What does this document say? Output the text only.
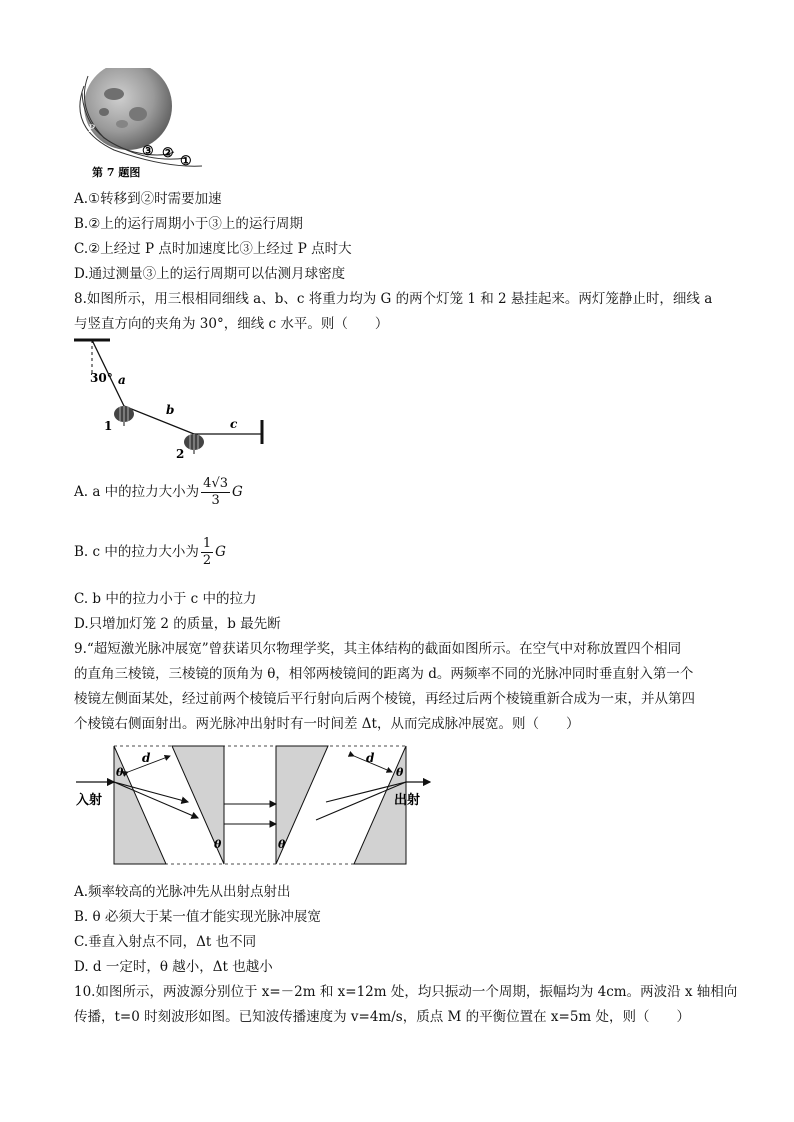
P
③ ②
①
第 7 题图
A.①转移到②时需要加速
B.②上的运行周期小于③上的运行周期
C.②上经过 P 点时加速度比③上经过 P 点时大
D.通过测量③上的运行周期可以估测月球密度
8.如图所示，用三根相同细线 a、b、c 将重力均为 G 的两个灯笼 1 和 2 悬挂起来。两灯笼静止时，细线 a
与竖直方向的夹角为 30°，细线 c 水平。则（　　）
30° a
b
c
1
2
A. a 中的拉力大小为 $\frac{4√3}{3}$ G
B. c 中的拉力大小为 $\frac{1}{2}$ G
C. b 中的拉力小于 c 中的拉力
D.只增加灯笼 2 的质量，b 最先断
9.“超短激光脉冲展宽”曾获诺贝尔物理学奖，其主体结构的截面如图所示。在空气中对称放置四个相同
的直角三棱镜，三棱镜的顶角为 θ，相邻两棱镜间的距离为 d。两频率不同的光脉冲同时垂直射入第一个
棱镜左侧面某处，经过前两个棱镜后平行射向后两个棱镜，再经过后两个棱镜重新合成为一束，并从第四
个棱镜右侧面射出。两光脉冲出射时有一时间差 Δt，从而完成脉冲展宽。则（　　）
入射	出射
d	d
θ
θ	θ
θ
A.频率较高的光脉冲先从出射点射出
B. θ 必须大于某一值才能实现光脉冲展宽
C.垂直入射点不同，Δt 也不同
D. d 一定时，θ 越小，Δt 也越小
10.如图所示，两波源分别位于 x=－2m 和 x=12m 处，均只振动一个周期，振幅均为 4cm。两波沿 x 轴相向
传播，t=0 时刻波形如图。已知波传播速度为 v=4m/s，质点 M 的平衡位置在 x=5m 处，则（　　）
